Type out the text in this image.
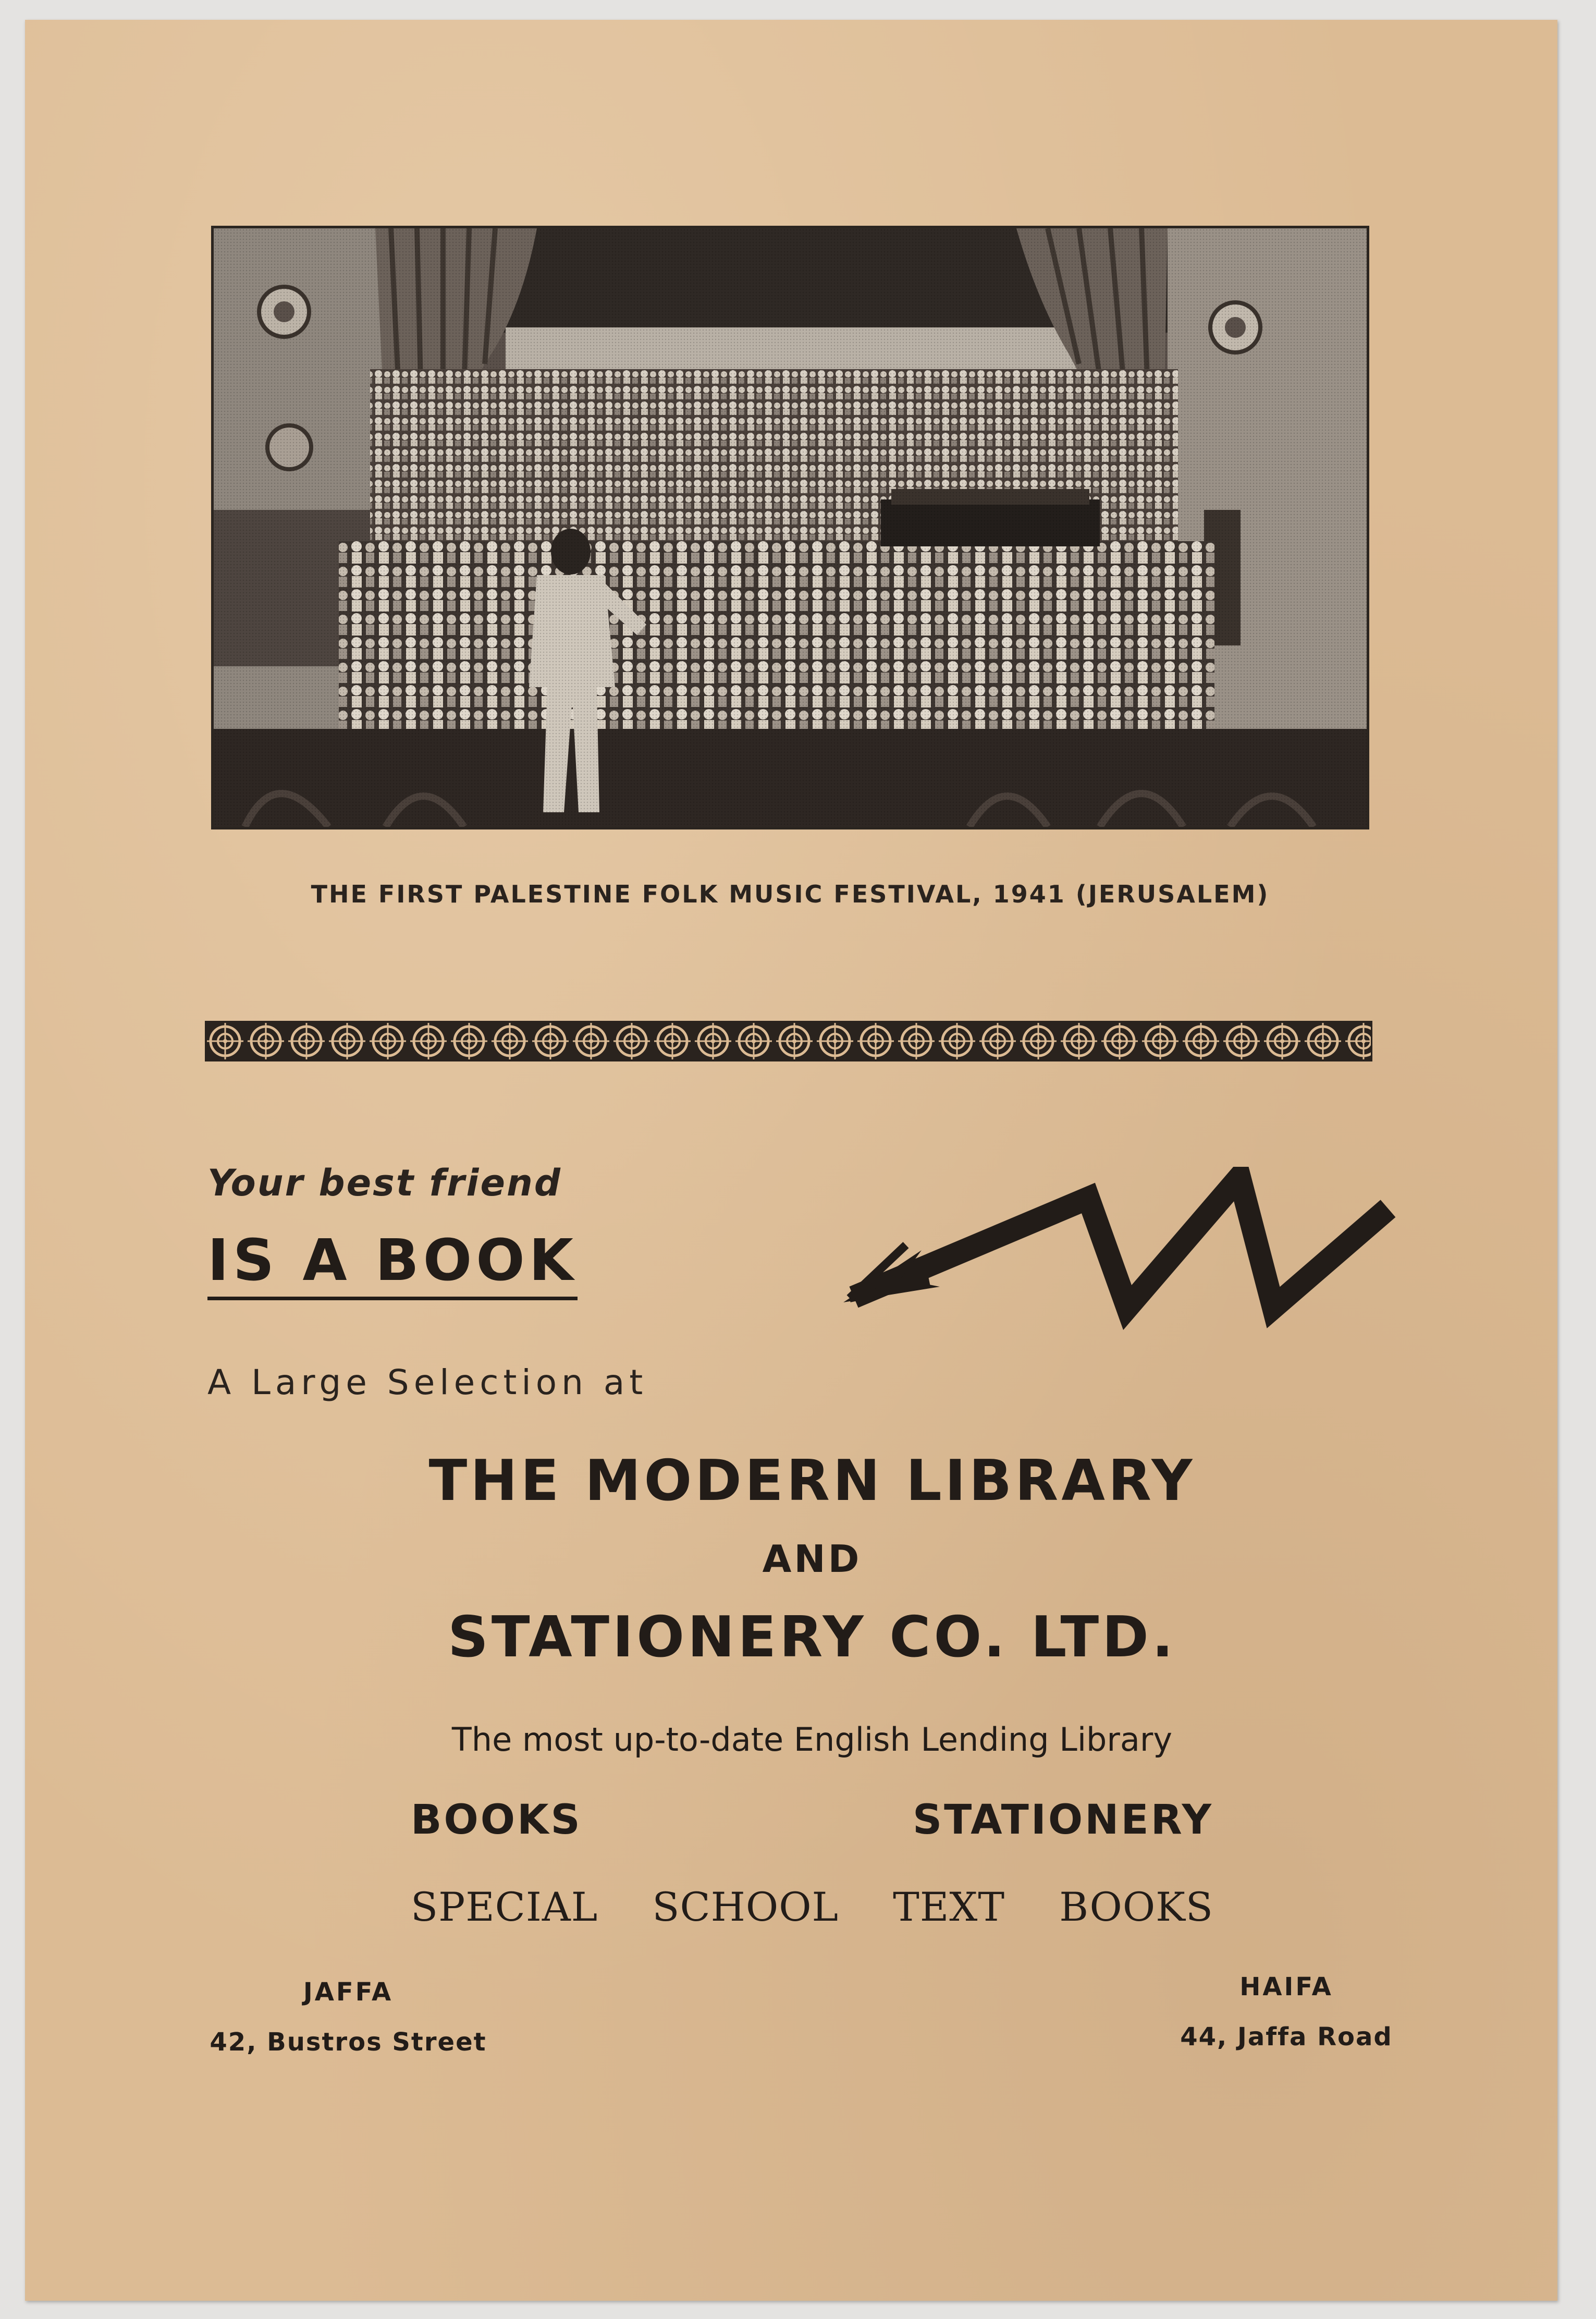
THE FIRST PALESTINE FOLK MUSIC FESTIVAL, 1941 (JERUSALEM)
Your best friend
IS A BOOK
A Large Selection at
THE MODERN LIBRARY
AND
STATIONERY CO. LTD.
The most up-to-date English Lending Library
BOOKS	STATIONERY
SPECIAL SCHOOL TEXT BOOKS
JAFFA
42, Bustros Street
HAIFA
44, Jaffa Road
